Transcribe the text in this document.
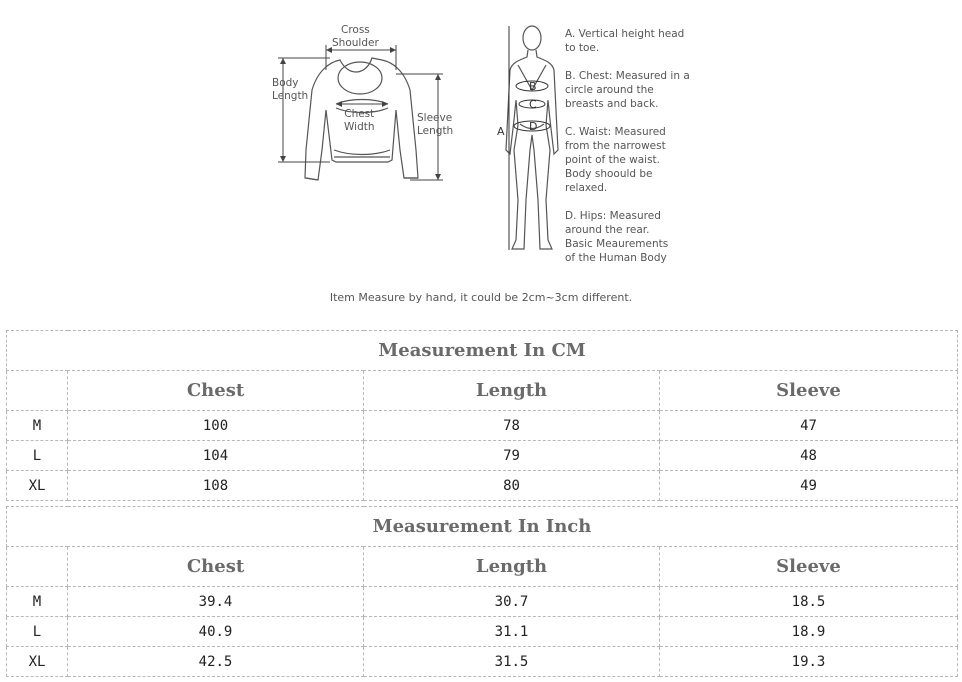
Cross
Shoulder
Body
Length
Chest
Width
Sleeve
Length	A
B
C
D

A. Vertical height head
to toe.

B. Chest: Measured in a
circle around the
breasts and back.

C. Waist: Measured
from the narrowest
point of the waist.
Body shoould be
relaxed.

D. Hips: Measured
around the rear.
Basic Meaurements
of the Human Body

Item Measure by hand, it could be 2cm~3cm different.
Measurement In CM			
	Chest	Length	Sleeve
M	100	78	47
L	104	79	48
XL	108	80	49
Measurement In Inch			
	Chest	Length	Sleeve
M	39.4	30.7	18.5
L	40.9	31.1	18.9
XL	42.5	31.5	19.3
